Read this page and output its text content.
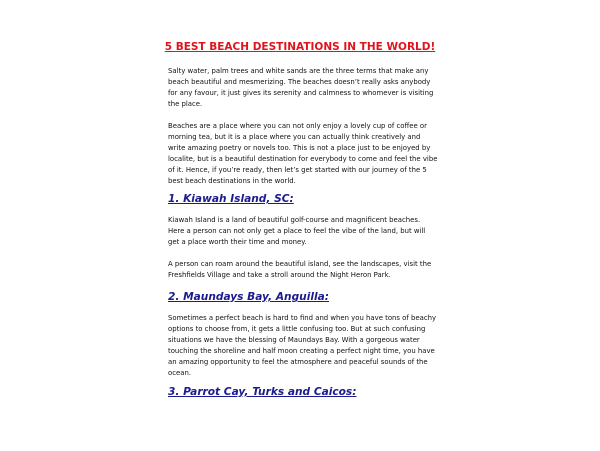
5 BEST BEACH DESTINATIONS IN THE WORLD!

Salty water, palm trees and white sands are the three terms that make any beach beautiful and mesmerizing. The beaches doesn’t really asks anybody for any favour, it just gives its serenity and calmness to whomever is visiting the place.

Beaches are a place where you can not only enjoy a lovely cup of coffee or morning tea, but it is a place where you can actually think creatively and write amazing poetry or novels too. This is not a place just to be enjoyed by localite, but is a beautiful destination for everybody to come and feel the vibe of it. Hence, if you’re ready, then let’s get started with our journey of the 5 best beach destinations in the world.

1. Kiawah Island, SC:

Kiawah Island is a land of beautiful golf-course and magnificent beaches. Here a person can not only get a place to feel the vibe of the land, but will get a place worth their time and money.

A person can roam around the beautiful island, see the landscapes, visit the Freshfields Village and take a stroll around the Night Heron Park.

2. Maundays Bay, Anguilla:

Sometimes a perfect beach is hard to find and when you have tons of beachy options to choose from, it gets a little confusing too. But at such confusing situations we have the blessing of Maundays Bay. With a gorgeous water touching the shoreline and half moon creating a perfect night time, you have an amazing opportunity to feel the atmosphere and peaceful sounds of the ocean.

3. Parrot Cay, Turks and Caicos:
